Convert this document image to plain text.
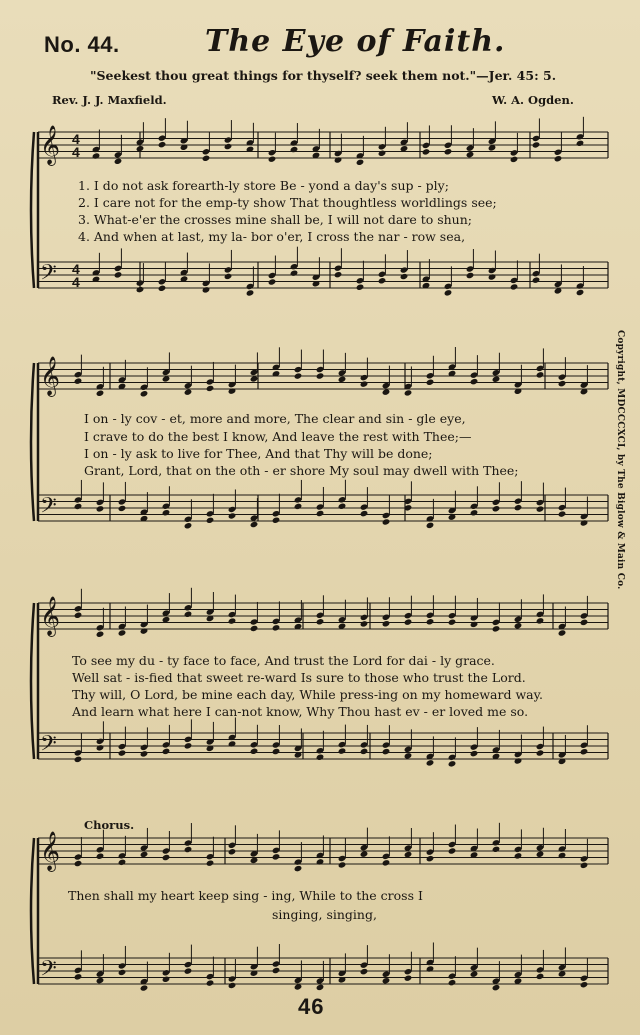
No. 44.	The Eye of Faith.
"Seekest thou great things for thyself? seek them not."—Jer. 45: 5.
Rev. J. J. Maxfield.	W. A. Ogden.
Copyright, MDCCCXCI, by The Biglow & Main Co.
𝄞
𝄢
4
4
4
4
𝄞
𝄢
𝄞
𝄢
𝄞
𝄢
1. I do not ask forearth-ly store Be - yond a day's sup - ply;
2. I care not for the emp-ty show That thoughtless worldlings see;
3. What-e'er the crosses mine shall be, I will not dare to shun;
4. And when at last, my la- bor o'er, I cross the nar - row sea,
I on - ly cov - et, more and more, The clear and sin - gle eye,
I crave to do the best I know, And leave the rest with Thee;—
I on - ly ask to live for Thee, And that Thy will be done;
Grant, Lord, that on the oth - er shore My soul may dwell with Thee;
To see my du - ty face to face, And trust the Lord for dai - ly grace.
Well sat - is-fied that sweet re-ward Is sure to those who trust the Lord.
Thy will, O Lord, be mine each day, While press-ing on my homeward way.
And learn what here I can-not know, Why Thou hast ev - er loved me so.
Chorus.
Then shall my heart keep sing - ing, While to the cross I
singing, singing,
46
